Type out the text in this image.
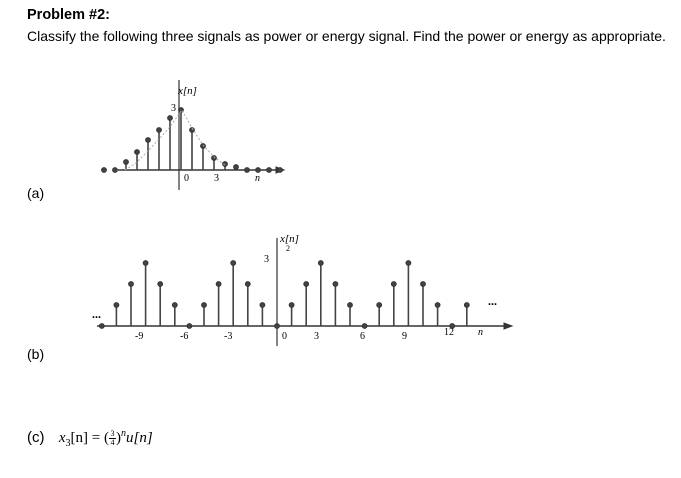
Problem #2:
Classify the following three signals as power or energy signal. Find the power or energy as appropriate.
(a)
(b)
x[n]
3
0	3	n
x[n]
2
3
...
...
-9	-6	-3	0	3	6	9	12 n
(c) $x_3[n]$ = ( $\frac{3}{4} )^nu[n]$
